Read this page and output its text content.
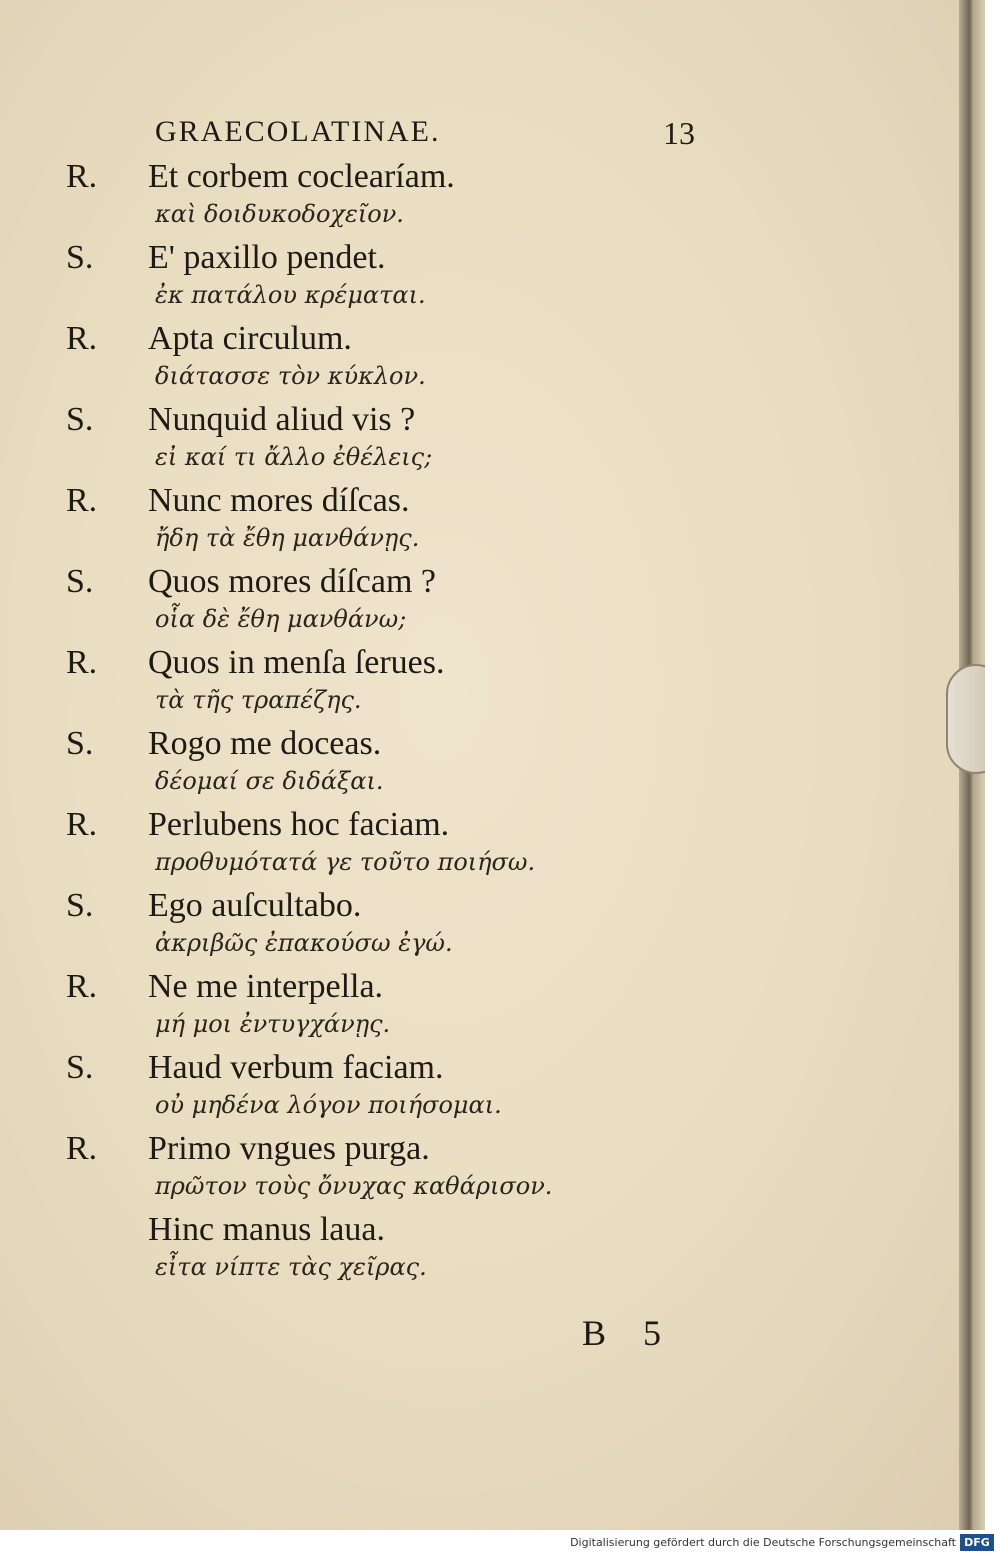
GRAECOLATINAE.	13
R. Et corbem coclearíam.
καὶ δοιδυκοδοχεῖον.
S. E' paxillo pendet.
ἐκ πατάλου κρέμαται.
R. Apta circulum.
διάτασσε τὸν κύκλον.
S. Nunquid aliud vis ?
εἰ καί τι ἄλλο ἐθέλεις;
R. Nunc mores díſcas.
ἤδη τὰ ἔθη μανθάνῃς.
S. Quos mores díſcam ?
οἷα δὲ ἔθη μανθάνω;
R. Quos in menſa ſerues.
τὰ τῆς τραπέζης.
S. Rogo me doceas.
δέομαί σε διδάξαι.
R. Perlubens hoc faciam.
προθυμότατά γε τοῦτο ποιήσω.
S. Ego auſcultabo.
ἀκριβῶς ἐπακούσω ἐγώ.
R. Ne me interpella.
μή μοι ἐντυγχάνῃς.
S. Haud verbum faciam.
οὐ μηδένα λόγον ποιήσομαι.
R. Primo vngues purga.
πρῶτον τοὺς ὄνυχας καθάρισον.
Hinc manus laua.
εἶτα νίπτε τὰς χεῖρας.
B 5
Digitalisierung gefördert durch die Deutsche Forschungsgemeinschaft DFG
